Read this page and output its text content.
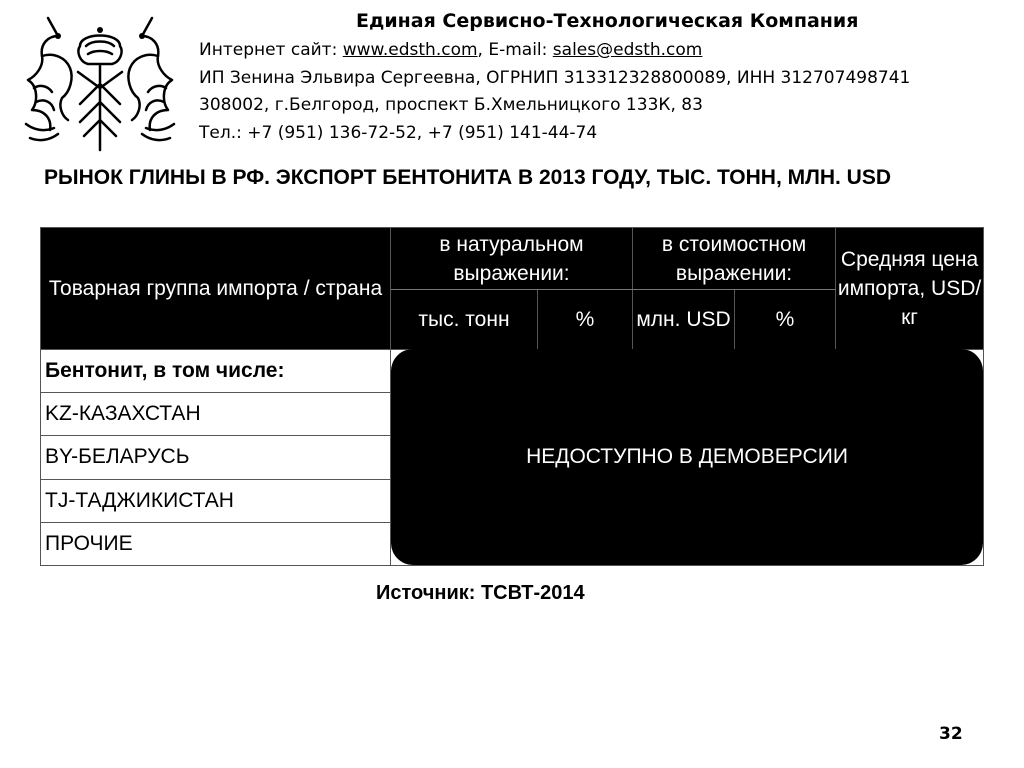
Единая Сервисно-Технологическая Компания
Интернет сайт: www.edsth.com, E-mail: sales@edsth.com
ИП Зенина Эльвира Сергеевна, ОГРНИП 313312328800089, ИНН 312707498741
308002, г.Белгород, проспект Б.Хмельницкого 133К, 83
Тел.: +7 (951) 136-72-52, +7 (951) 141-44-74
РЫНОК ГЛИНЫ В РФ. ЭКСПОРТ БЕНТОНИТА В 2013 ГОДУ, ТЫС. ТОНН, МЛН. USD
Товарная группа импорта / страна	в натуральном выражении:		в стоимостном выражении:		Средняя цена импорта, USD/кг
	тыс. тонн	%	млн. USD	%	
Бентонит, в том числе:					
KZ-КАЗАХСТАН					
BY-БЕЛАРУСЬ					
TJ-ТАДЖИКИСТАН					
ПРОЧИЕ					
НЕДОСТУПНО В ДЕМОВЕРСИИ
Источник: ТСВТ-2014
32
